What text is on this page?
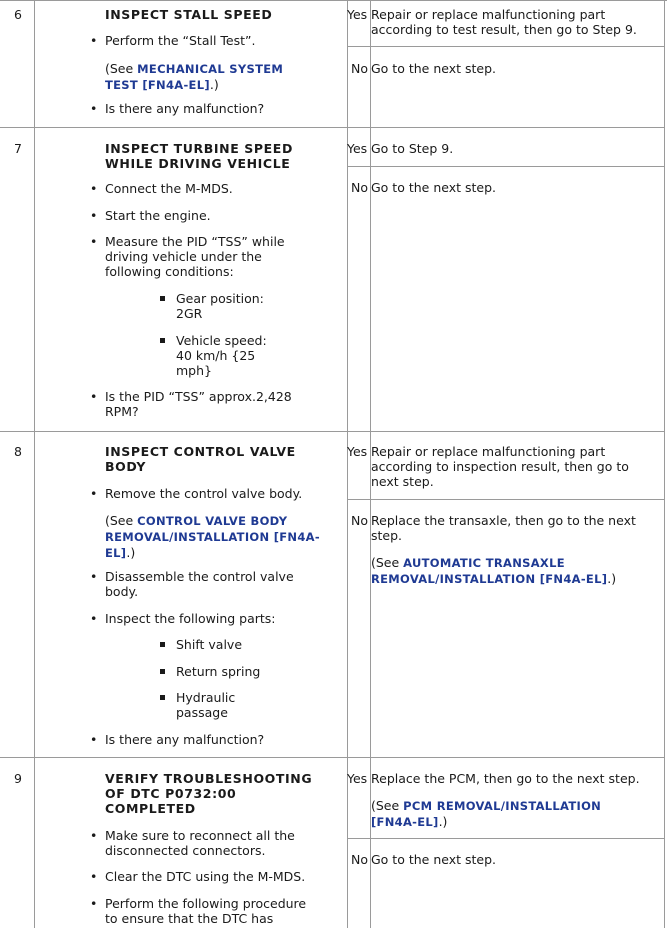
6	INSPECT STALL SPEED
• Perform the “Stall Test”.
(See MECHANICAL SYSTEM TEST [FN4A-EL].)
• Is there any malfunction?
Yes Repair or replace malfunctioning part according to test result, then go to Step 9.
No Go to the next step.
7	INSPECT TURBINE SPEED WHILE DRIVING VEHICLE
• Connect the M-MDS.
• Start the engine.
• Measure the PID “TSS” while driving vehicle under the following conditions:
Gear position: 2GR
Vehicle speed: 40 km/h {25 mph}
• Is the PID “TSS” approx.2,428 RPM?
Yes Go to Step 9.
No Go to the next step.
8	INSPECT CONTROL VALVE BODY
• Remove the control valve body.
(See CONTROL VALVE BODY REMOVAL/INSTALLATION [FN4A-EL].)
• Disassemble the control valve body.
• Inspect the following parts:
Shift valve
Return spring
Hydraulic passage
• Is there any malfunction?
Yes Repair or replace malfunctioning part according to inspection result, then go to next step.
No Replace the transaxle, then go to the next step.
(See AUTOMATIC TRANSAXLE REMOVAL/INSTALLATION [FN4A-EL].)
9	VERIFY TROUBLESHOOTING OF DTC P0732:00 COMPLETED
• Make sure to reconnect all the disconnected connectors.
• Clear the DTC using the M-MDS.
• Perform the following procedure to ensure that the DTC has
Yes Replace the PCM, then go to the next step.
(See PCM REMOVAL/INSTALLATION [FN4A-EL].)
No Go to the next step.
